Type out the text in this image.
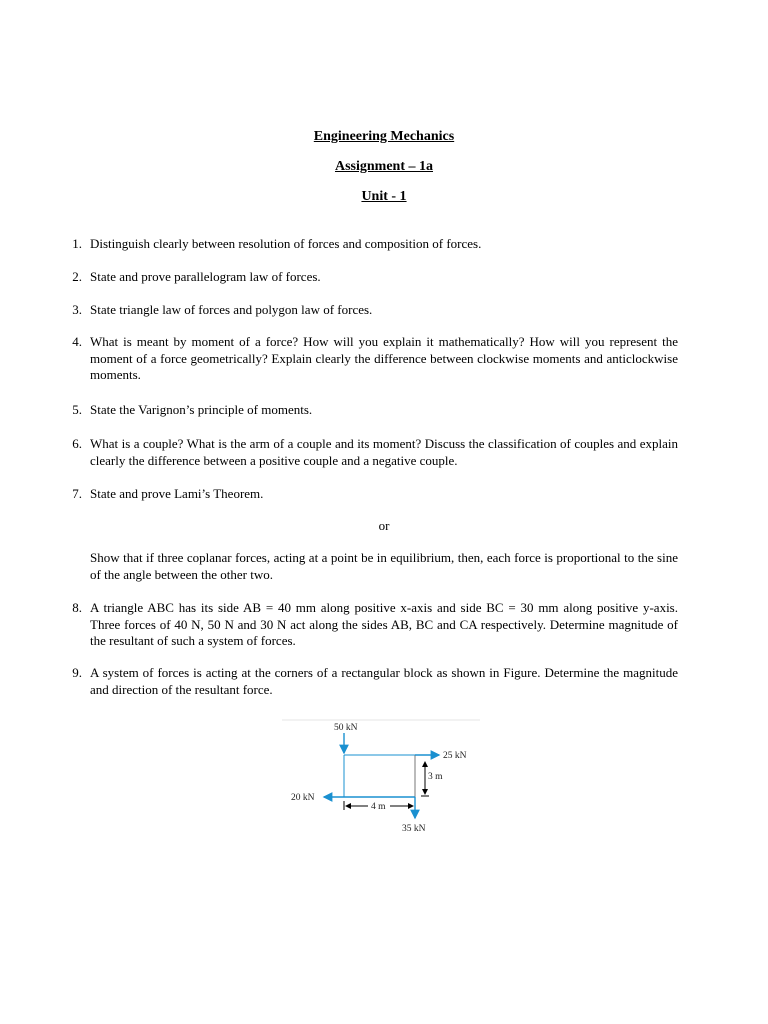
Engineering Mechanics
Assignment – 1a
Unit - 1
1. Distinguish clearly between resolution of forces and composition of forces.
2. State and prove parallelogram law of forces.
3. State triangle law of forces and polygon law of forces.
4. What is meant by moment of a force? How will you explain it mathematically? How will you represent the moment of a force geometrically? Explain clearly the difference between clockwise moments and anticlockwise moments.
5. State the Varignon’s principle of moments.
6. What is a couple? What is the arm of a couple and its moment? Discuss the classification of couples and explain clearly the difference between a positive couple and a negative couple.
7. State and prove Lami’s Theorem.
or
Show that if three coplanar forces, acting at a point be in equilibrium, then, each force is proportional to the sine of the angle between the other two.
8. A triangle ABC has its side AB = 40 mm along positive x-axis and side BC = 30 mm along positive y-axis. Three forces of 40 N, 50 N and 30 N act along the sides AB, BC and CA respectively. Determine magnitude of the resultant of such a system of forces.
9. A system of forces is acting at the corners of a rectangular block as shown in Figure. Determine the magnitude and direction of the resultant force.
50 kN
25 kN
20 kN
35 kN
3 m
4 m
